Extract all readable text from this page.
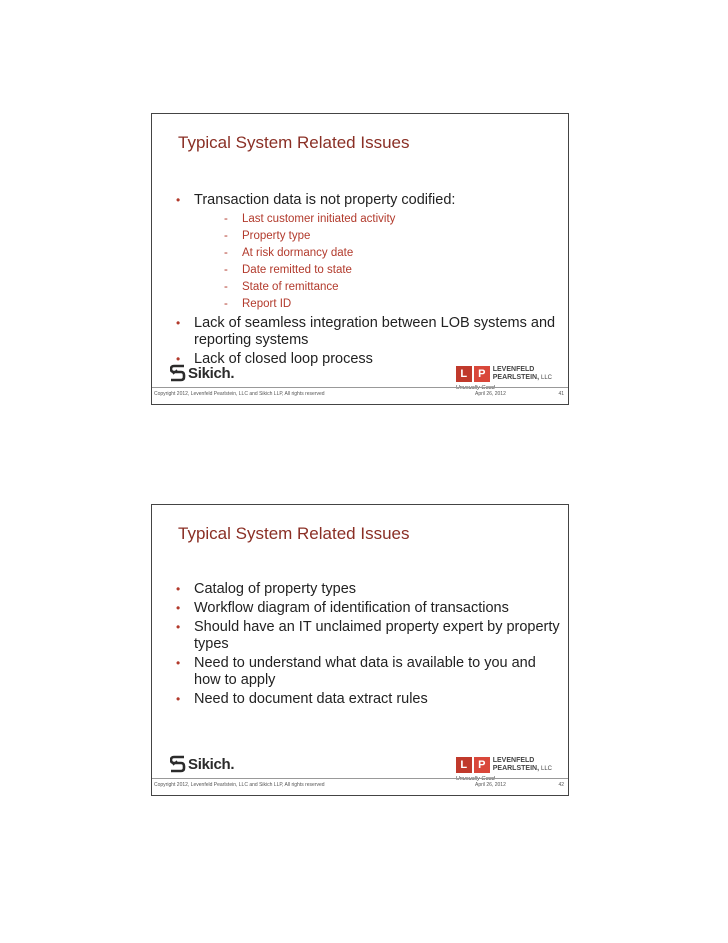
Typical System Related Issues
• Transaction data is not property codified:
- Last customer initiated activity
- Property type
- At risk dormancy date
- Date remitted to state
- State of remittance
- Report ID
• Lack of seamless integration between LOB systems and reporting systems
• Lack of closed loop process
Sikich.	L P	LEVENFELD
PEARLSTEIN, LLC
Unusually Good
Copyright 2012, Levenfeld Pearlstein, LLC and Sikich LLP, All rights reserved	April 26, 2012	41
Typical System Related Issues
• Catalog of property types
• Workflow diagram of identification of transactions
• Should have an IT unclaimed property expert by property types
• Need to understand what data is available to you and how to apply
• Need to document data extract rules
Sikich.	L P	LEVENFELD
PEARLSTEIN, LLC
Unusually Good
Copyright 2012, Levenfeld Pearlstein, LLC and Sikich LLP, All rights reserved	April 26, 2012	42
